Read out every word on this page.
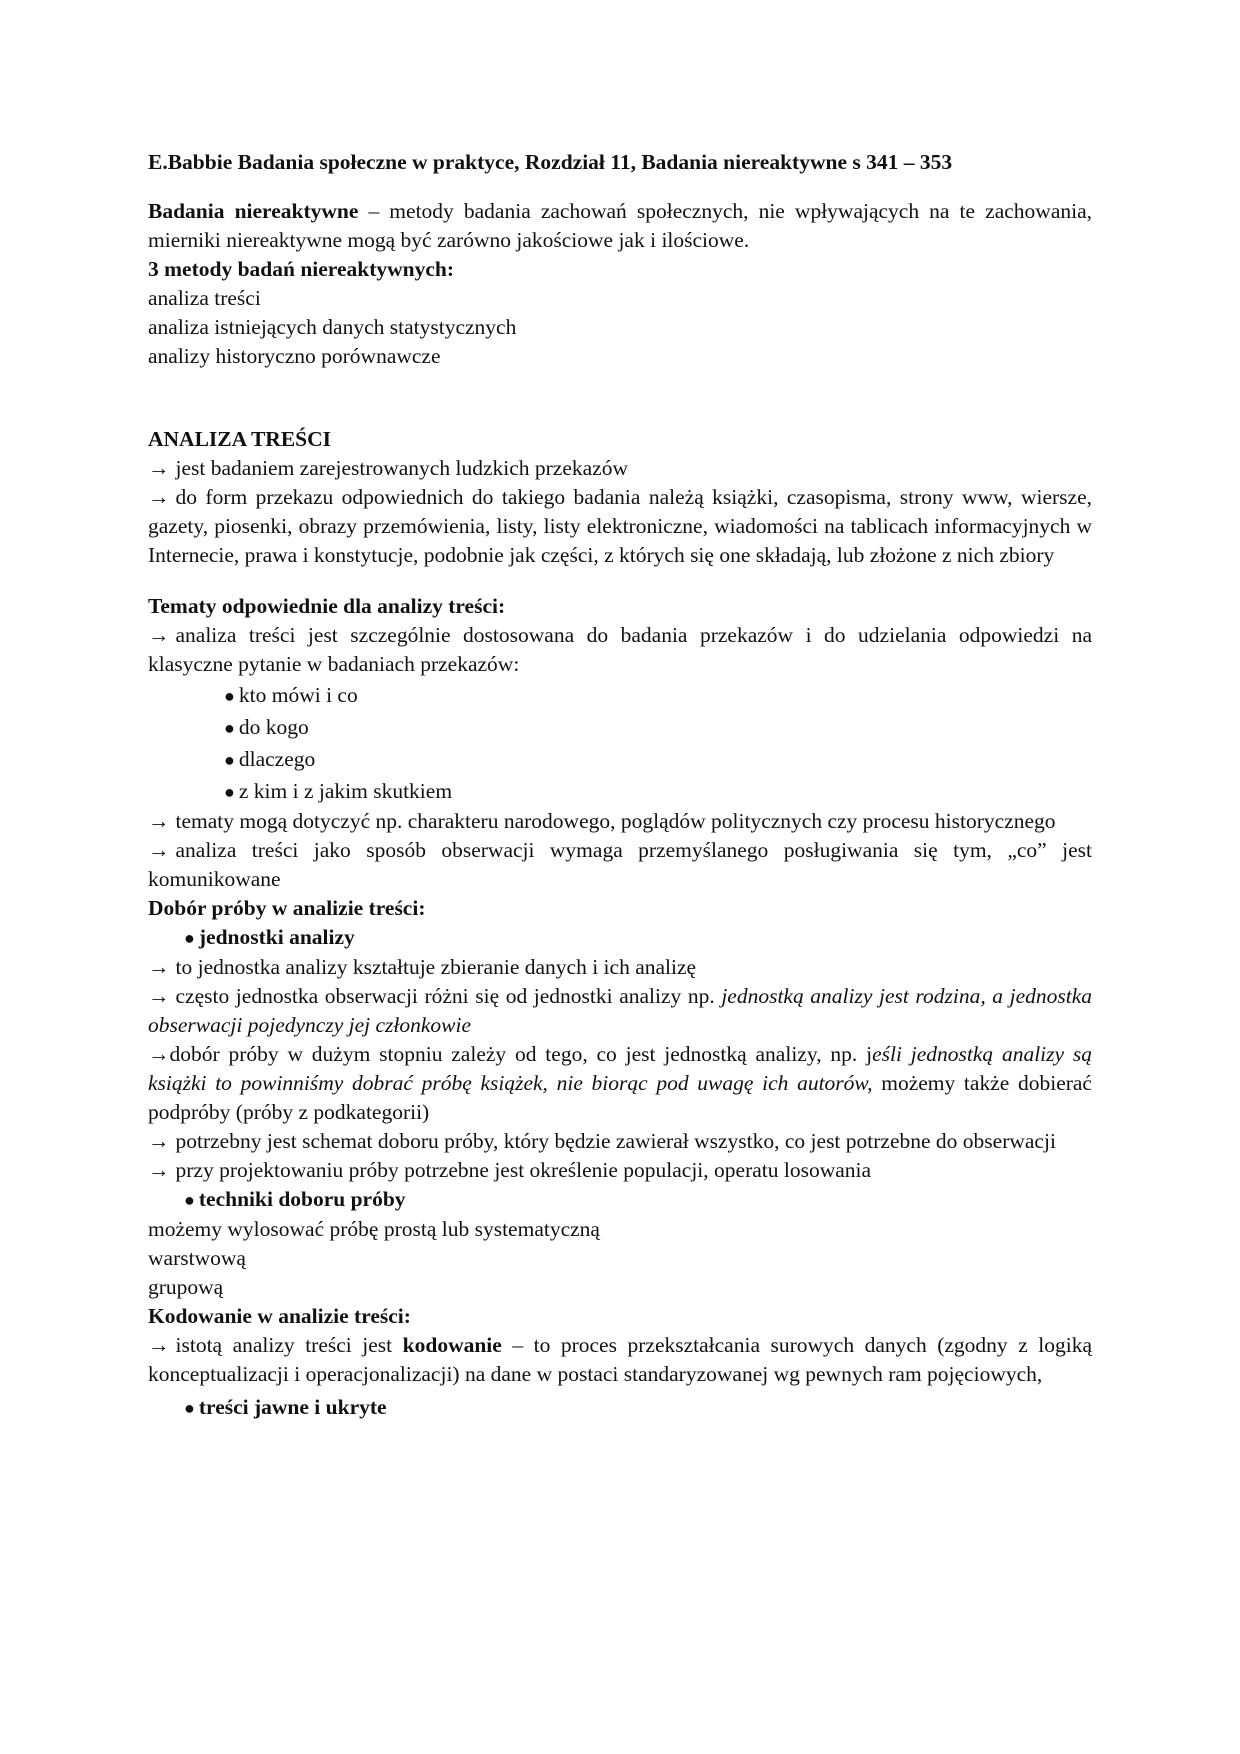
E.Babbie Badania społeczne w praktyce, Rozdział 11, Badania niereaktywne s 341 – 353

Badania niereaktywne – metody badania zachowań społecznych, nie wpływających na te zachowania, mierniki niereaktywne mogą być zarówno jakościowe jak i ilościowe.

3 metody badań niereaktywnych:

analiza treści

analiza istniejących danych statystycznych

analizy historyczno porównawcze

ANALIZA TREŚCI

→ jest badaniem zarejestrowanych ludzkich przekazów

→ do form przekazu odpowiednich do takiego badania należą książki, czasopisma, strony www, wiersze, gazety, piosenki, obrazy przemówienia, listy, listy elektroniczne, wiadomości na tablicach informacyjnych w Internecie, prawa i konstytucje, podobnie jak części, z których się one składają, lub złożone z nich zbiory

Tematy odpowiednie dla analizy treści:

→ analiza treści jest szczególnie dostosowana do badania przekazów i do udzielania odpowiedzi na klasyczne pytanie w badaniach przekazów:

● kto mówi i co

● do kogo

● dlaczego

● z kim i z jakim skutkiem

→ tematy mogą dotyczyć np. charakteru narodowego, poglądów politycznych czy procesu historycznego

→ analiza treści jako sposób obserwacji wymaga przemyślanego posługiwania się tym, „co” jest komunikowane

Dobór próby w analizie treści:

● jednostki analizy

→ to jednostka analizy kształtuje zbieranie danych i ich analizę

→ często jednostka obserwacji różni się od jednostki analizy np. jednostką analizy jest rodzina, a jednostka obserwacji pojedynczy jej członkowie

→dobór próby w dużym stopniu zależy od tego, co jest jednostką analizy, np. jeśli jednostką analizy są książki to powinniśmy dobrać próbę książek, nie biorąc pod uwagę ich autorów, możemy także dobierać podpróby (próby z podkategorii)

→ potrzebny jest schemat doboru próby, który będzie zawierał wszystko, co jest potrzebne do obserwacji

→ przy projektowaniu próby potrzebne jest określenie populacji, operatu losowania

● techniki doboru próby

możemy wylosować próbę prostą lub systematyczną

warstwową

grupową

Kodowanie w analizie treści:

→ istotą analizy treści jest kodowanie – to proces przekształcania surowych danych (zgodny z logiką konceptualizacji i operacjonalizacji) na dane w postaci standaryzowanej wg pewnych ram pojęciowych,

● treści jawne i ukryte
